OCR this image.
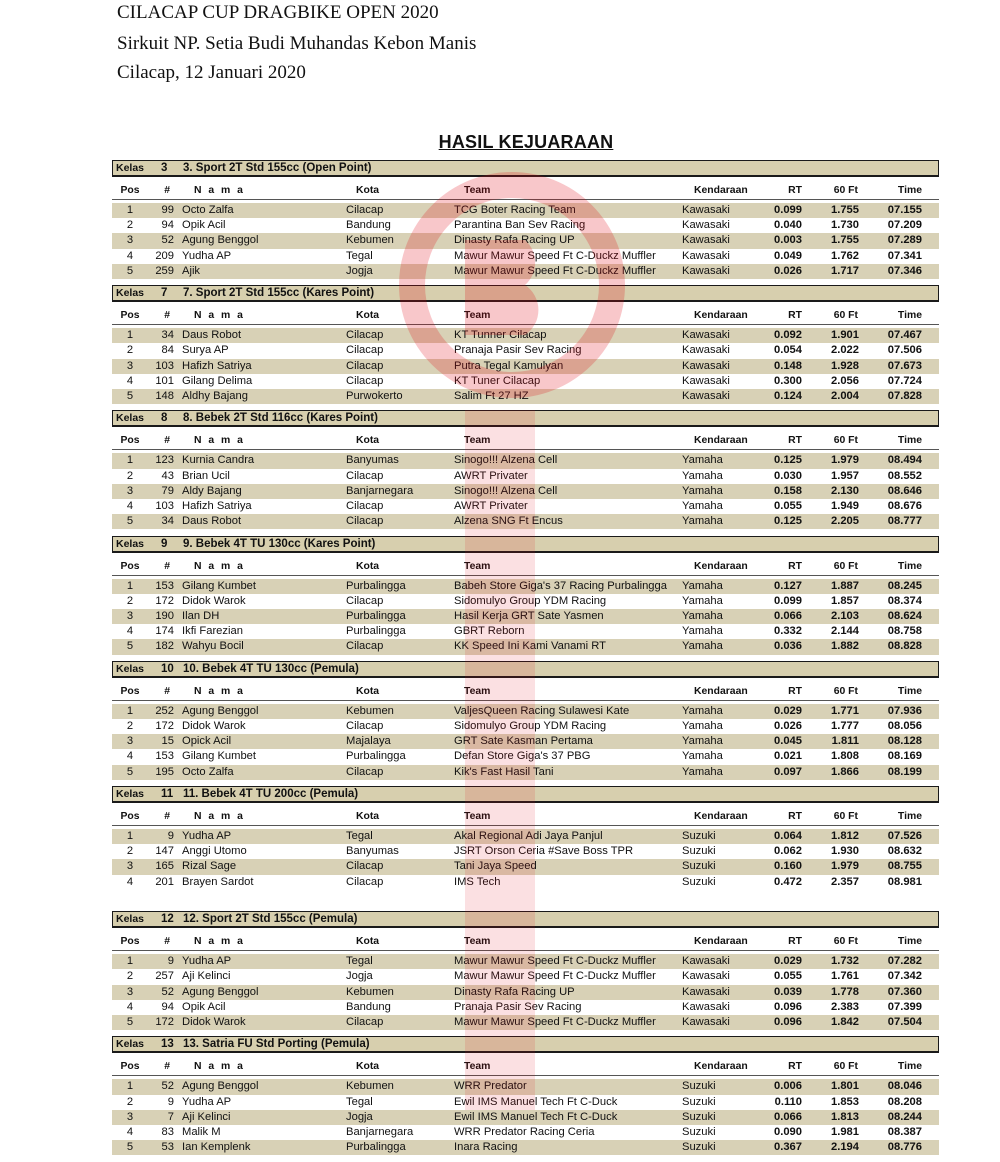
CILACAP CUP DRAGBIKE OPEN 2020
Sirkuit NP. Setia Budi Muhandas Kebon Manis
Cilacap, 12 Januari 2020
HASIL KEJUARAAN
Kelas 3 3. Sport 2T Std 155cc (Open Point)
Pos	# N a m a	Kota	Team	Kendaraan	RT	60 Ft	Time
1	99 Octo Zalfa	Cilacap	TCG Boter Racing Team	Kawasaki	0.099	1.755	07.155
2	94 Opik Acil	Bandung	Parantina Ban Sev Racing	Kawasaki	0.040	1.730	07.209
3	52 Agung Benggol	Kebumen	Dinasty Rafa Racing UP	Kawasaki	0.003	1.755	07.289
4	209 Yudha AP	Tegal	Mawur Mawur Speed Ft C-Duckz Muffler Kawasaki	0.049	1.762	07.341
5	259 Ajik	Jogja	Mawur Mawur Speed Ft C-Duckz Muffler Kawasaki	0.026	1.717	07.346
Kelas 7 7. Sport 2T Std 155cc (Kares Point)
Pos	# N a m a	Kota	Team	Kendaraan	RT	60 Ft	Time
1	34 Daus Robot	Cilacap	KT Tunner Cilacap	Kawasaki	0.092	1.901	07.467
2	84 Surya AP	Cilacap	Pranaja Pasir Sev Racing	Kawasaki	0.054	2.022	07.506
3	103 Hafizh Satriya	Cilacap	Putra Tegal Kamulyan	Kawasaki	0.148	1.928	07.673
4	101 Gilang Delima	Cilacap	KT Tuner Cilacap	Kawasaki	0.300	2.056	07.724
5	148 Aldhy Bajang	Purwokerto	Salim Ft 27 HZ	Kawasaki	0.124	2.004	07.828
Kelas 8 8. Bebek 2T Std 116cc (Kares Point)
Pos	# N a m a	Kota	Team	Kendaraan	RT	60 Ft	Time
1	123 Kurnia Candra	Banyumas	Sinogo!!! Alzena Cell	Yamaha	0.125	1.979	08.494
2	43 Brian Ucil	Cilacap	AWRT Privater	Yamaha	0.030	1.957	08.552
3	79 Aldy Bajang	Banjarnegara	Sinogo!!! Alzena Cell	Yamaha	0.158	2.130	08.646
4	103 Hafizh Satriya	Cilacap	AWRT Privater	Yamaha	0.055	1.949	08.676
5	34 Daus Robot	Cilacap	Alzena SNG Ft Encus	Yamaha	0.125	2.205	08.777
Kelas 9 9. Bebek 4T TU 130cc (Kares Point)
Pos	# N a m a	Kota	Team	Kendaraan	RT	60 Ft	Time
1	153 Gilang Kumbet	Purbalingga	Babeh Store Giga's 37 Racing Purbalingga Yamaha	0.127	1.887	08.245
2	172 Didok Warok	Cilacap	Sidomulyo Group YDM Racing	Yamaha	0.099	1.857	08.374
3	190 Ilan DH	Purbalingga	Hasil Kerja GRT Sate Yasmen	Yamaha	0.066	2.103	08.624
4	174 Ikfi Farezian	Purbalingga	GBRT Reborn	Yamaha	0.332	2.144	08.758
5	182 Wahyu Bocil	Cilacap	KK Speed Ini Kami Vanami RT	Yamaha	0.036	1.882	08.828
Kelas 10 10. Bebek 4T TU 130cc (Pemula)
Pos	# N a m a	Kota	Team	Kendaraan	RT	60 Ft	Time
1	252 Agung Benggol	Kebumen	ValjesQueen Racing Sulawesi Kate	Yamaha	0.029	1.771	07.936
2	172 Didok Warok	Cilacap	Sidomulyo Group YDM Racing	Yamaha	0.026	1.777	08.056
3	15 Opick Acil	Majalaya	GRT Sate Kasman Pertama	Yamaha	0.045	1.811	08.128
4	153 Gilang Kumbet	Purbalingga	Defan Store Giga's 37 PBG	Yamaha	0.021	1.808	08.169
5	195 Octo Zalfa	Cilacap	Kik's Fast Hasil Tani	Yamaha	0.097	1.866	08.199
Kelas 11 11. Bebek 4T TU 200cc (Pemula)
Pos	# N a m a	Kota	Team	Kendaraan	RT	60 Ft	Time
1	9 Yudha AP	Tegal	Akal Regional Adi Jaya Panjul	Suzuki	0.064	1.812	07.526
2	147 Anggi Utomo	Banyumas	JSRT Orson Ceria #Save Boss TPR	Suzuki	0.062	1.930	08.632
3	165 Rizal Sage	Cilacap	Tani Jaya Speed	Suzuki	0.160	1.979	08.755
4	201 Brayen Sardot	Cilacap	IMS Tech	Suzuki	0.472	2.357	08.981
Kelas 12 12. Sport 2T Std 155cc (Pemula)
Pos	# N a m a	Kota	Team	Kendaraan	RT	60 Ft	Time
1	9 Yudha AP	Tegal	Mawur Mawur Speed Ft C-Duckz Muffler Kawasaki	0.029	1.732	07.282
2	257 Aji Kelinci	Jogja	Mawur Mawur Speed Ft C-Duckz Muffler Kawasaki	0.055	1.761	07.342
3	52 Agung Benggol	Kebumen	Dinasty Rafa Racing UP	Kawasaki	0.039	1.778	07.360
4	94 Opik Acil	Bandung	Pranaja Pasir Sev Racing	Kawasaki	0.096	2.383	07.399
5	172 Didok Warok	Cilacap	Mawur Mawur Speed Ft C-Duckz Muffler Kawasaki	0.096	1.842	07.504
Kelas 13 13. Satria FU Std Porting (Pemula)
Pos	# N a m a	Kota	Team	Kendaraan	RT	60 Ft	Time
1	52 Agung Benggol	Kebumen	WRR Predator	Suzuki	0.006	1.801	08.046
2	9 Yudha AP	Tegal	Ewil IMS Manuel Tech Ft C-Duck	Suzuki	0.110	1.853	08.208
3	7 Aji Kelinci	Jogja	Ewil IMS Manuel Tech Ft C-Duck	Suzuki	0.066	1.813	08.244
4	83 Malik M	Banjarnegara	WRR Predator Racing Ceria	Suzuki	0.090	1.981	08.387
5	53 Ian Kemplenk	Purbalingga	Inara Racing	Suzuki	0.367	2.194	08.776
